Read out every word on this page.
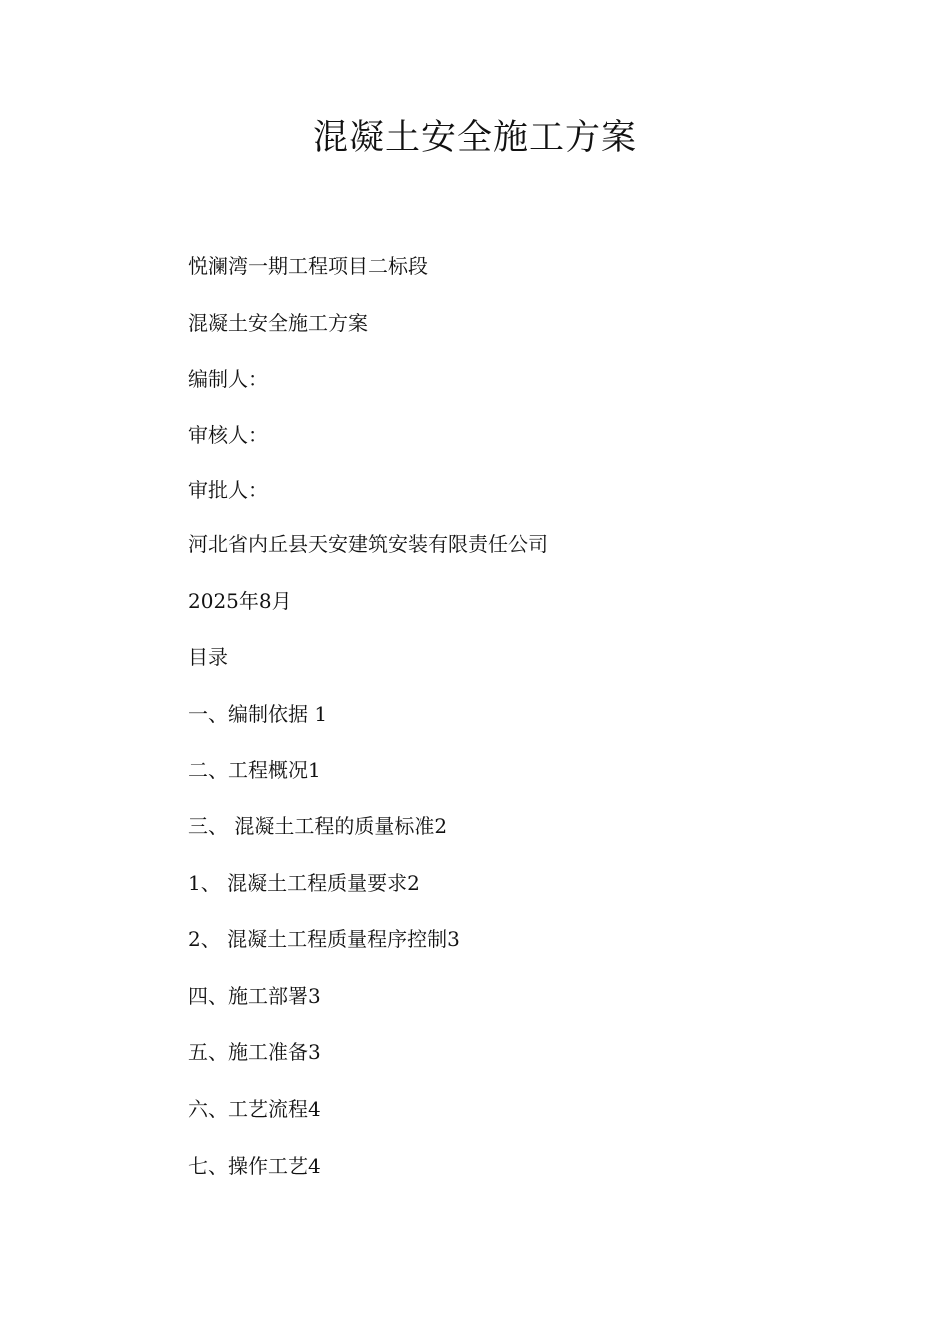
混凝土安全施工方案

悦澜湾一期工程项目二标段

混凝土安全施工方案

编制人：

审核人：

审批人：

河北省内丘县天安建筑安装有限责任公司

2025年8月

目录

一、编制依据 1

二、工程概况1

三、 混凝土工程的质量标准2

1、 混凝土工程质量要求2

2、 混凝土工程质量程序控制3

四、施工部署3

五、施工准备3

六、工艺流程4

七、操作工艺4
